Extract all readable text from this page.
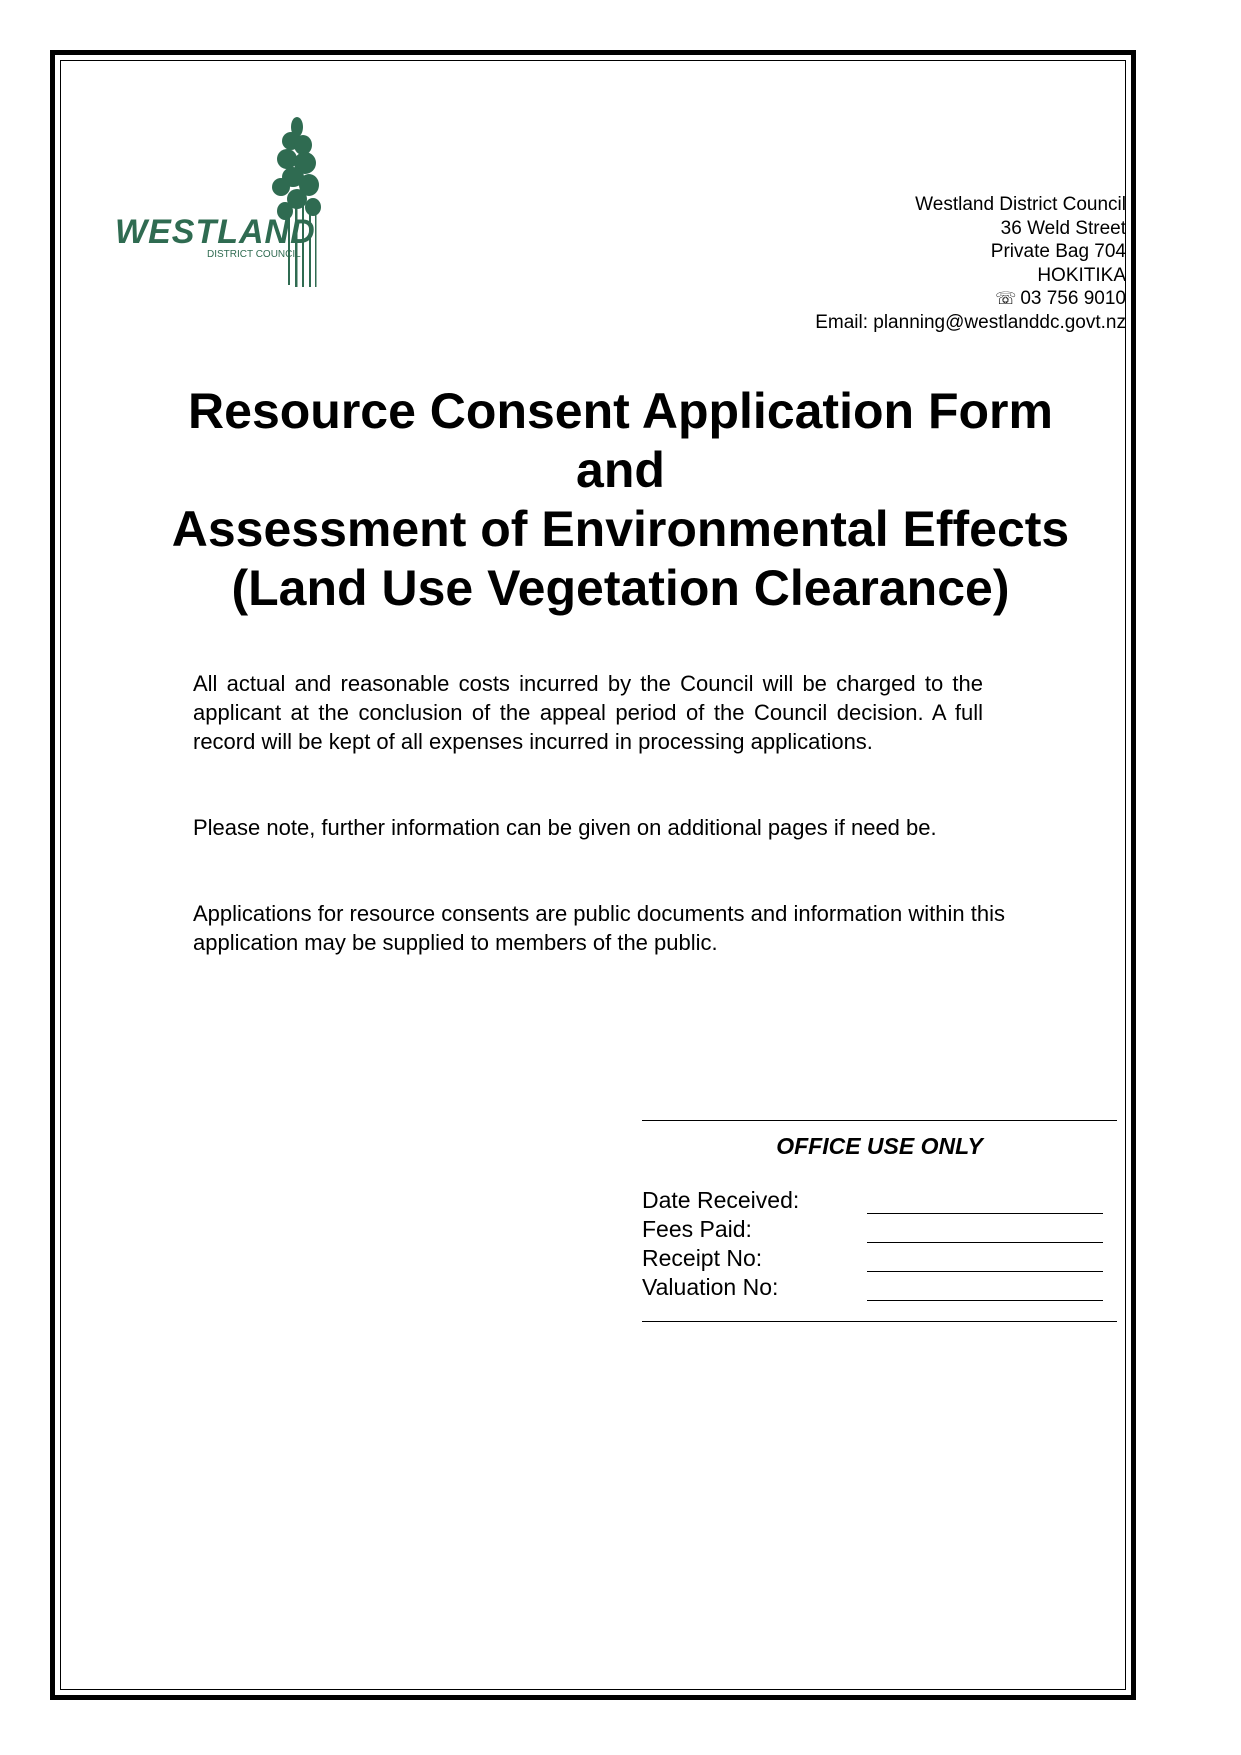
WESTLAND
DISTRICT COUNCIL
Westland District Council
36 Weld Street
Private Bag 704
HOKITIKA
☏ 03 756 9010
Email: planning@westlanddc.govt.nz
Resource Consent Application Form
and
Assessment of Environmental Effects
(Land Use Vegetation Clearance)
All actual and reasonable costs incurred by the Council will be charged to the applicant at the conclusion of the appeal period of the Council decision. A full record will be kept of all expenses incurred in processing applications.
Please note, further information can be given on additional pages if need be.
Applications for resource consents are public documents and information within this application may be supplied to members of the public.
OFFICE USE ONLY
Date Received:
Fees Paid:
Receipt No:
Valuation No:
